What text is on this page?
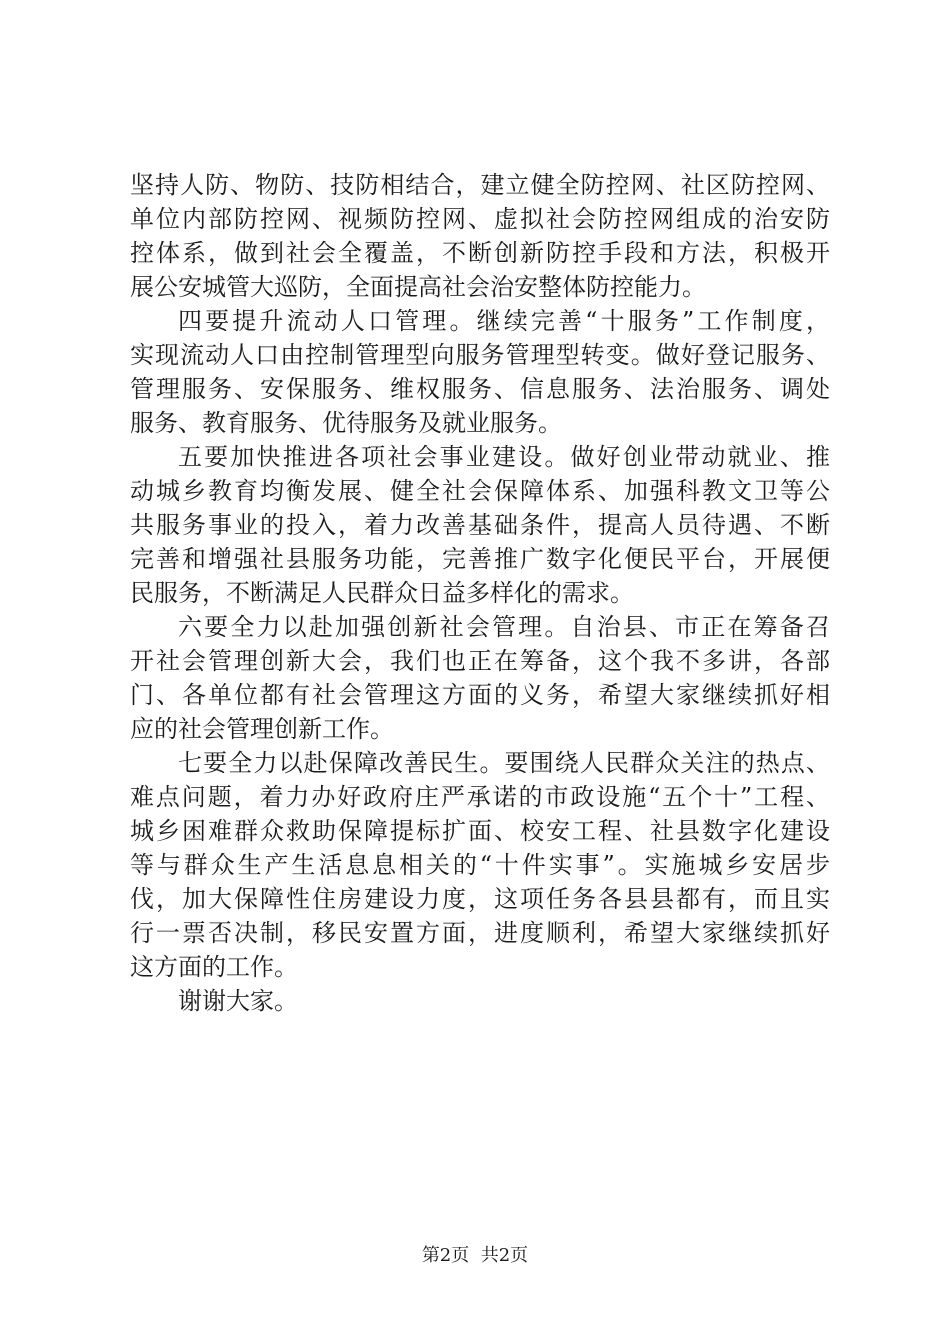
坚持人防、物防、技防相结合，建立健全防控网、社区防控网、
单位内部防控网、视频防控网、虚拟社会防控网组成的治安防
控体系，做到社会全覆盖，不断创新防控手段和方法，积极开
展公安城管大巡防，全面提高社会治安整体防控能力。
四要提升流动人口管理。继续完善“十服务”工作制度，
实现流动人口由控制管理型向服务管理型转变。做好登记服务、
管理服务、安保服务、维权服务、信息服务、法治服务、调处
服务、教育服务、优待服务及就业服务。
五要加快推进各项社会事业建设。做好创业带动就业、推
动城乡教育均衡发展、健全社会保障体系、加强科教文卫等公
共服务事业的投入，着力改善基础条件，提高人员待遇、不断
完善和增强社县服务功能，完善推广数字化便民平台，开展便
民服务，不断满足人民群众日益多样化的需求。
六要全力以赴加强创新社会管理。自治县、市正在筹备召
开社会管理创新大会，我们也正在筹备，这个我不多讲，各部
门、各单位都有社会管理这方面的义务，希望大家继续抓好相
应的社会管理创新工作。
七要全力以赴保障改善民生。要围绕人民群众关注的热点、
难点问题，着力办好政府庄严承诺的市政设施“五个十”工程、
城乡困难群众救助保障提标扩面、校安工程、社县数字化建设
等与群众生产生活息息相关的“十件实事”。实施城乡安居步
伐，加大保障性住房建设力度，这项任务各县县都有，而且实
行一票否决制，移民安置方面，进度顺利，希望大家继续抓好
这方面的工作。
谢谢大家。
第2页  共2页
